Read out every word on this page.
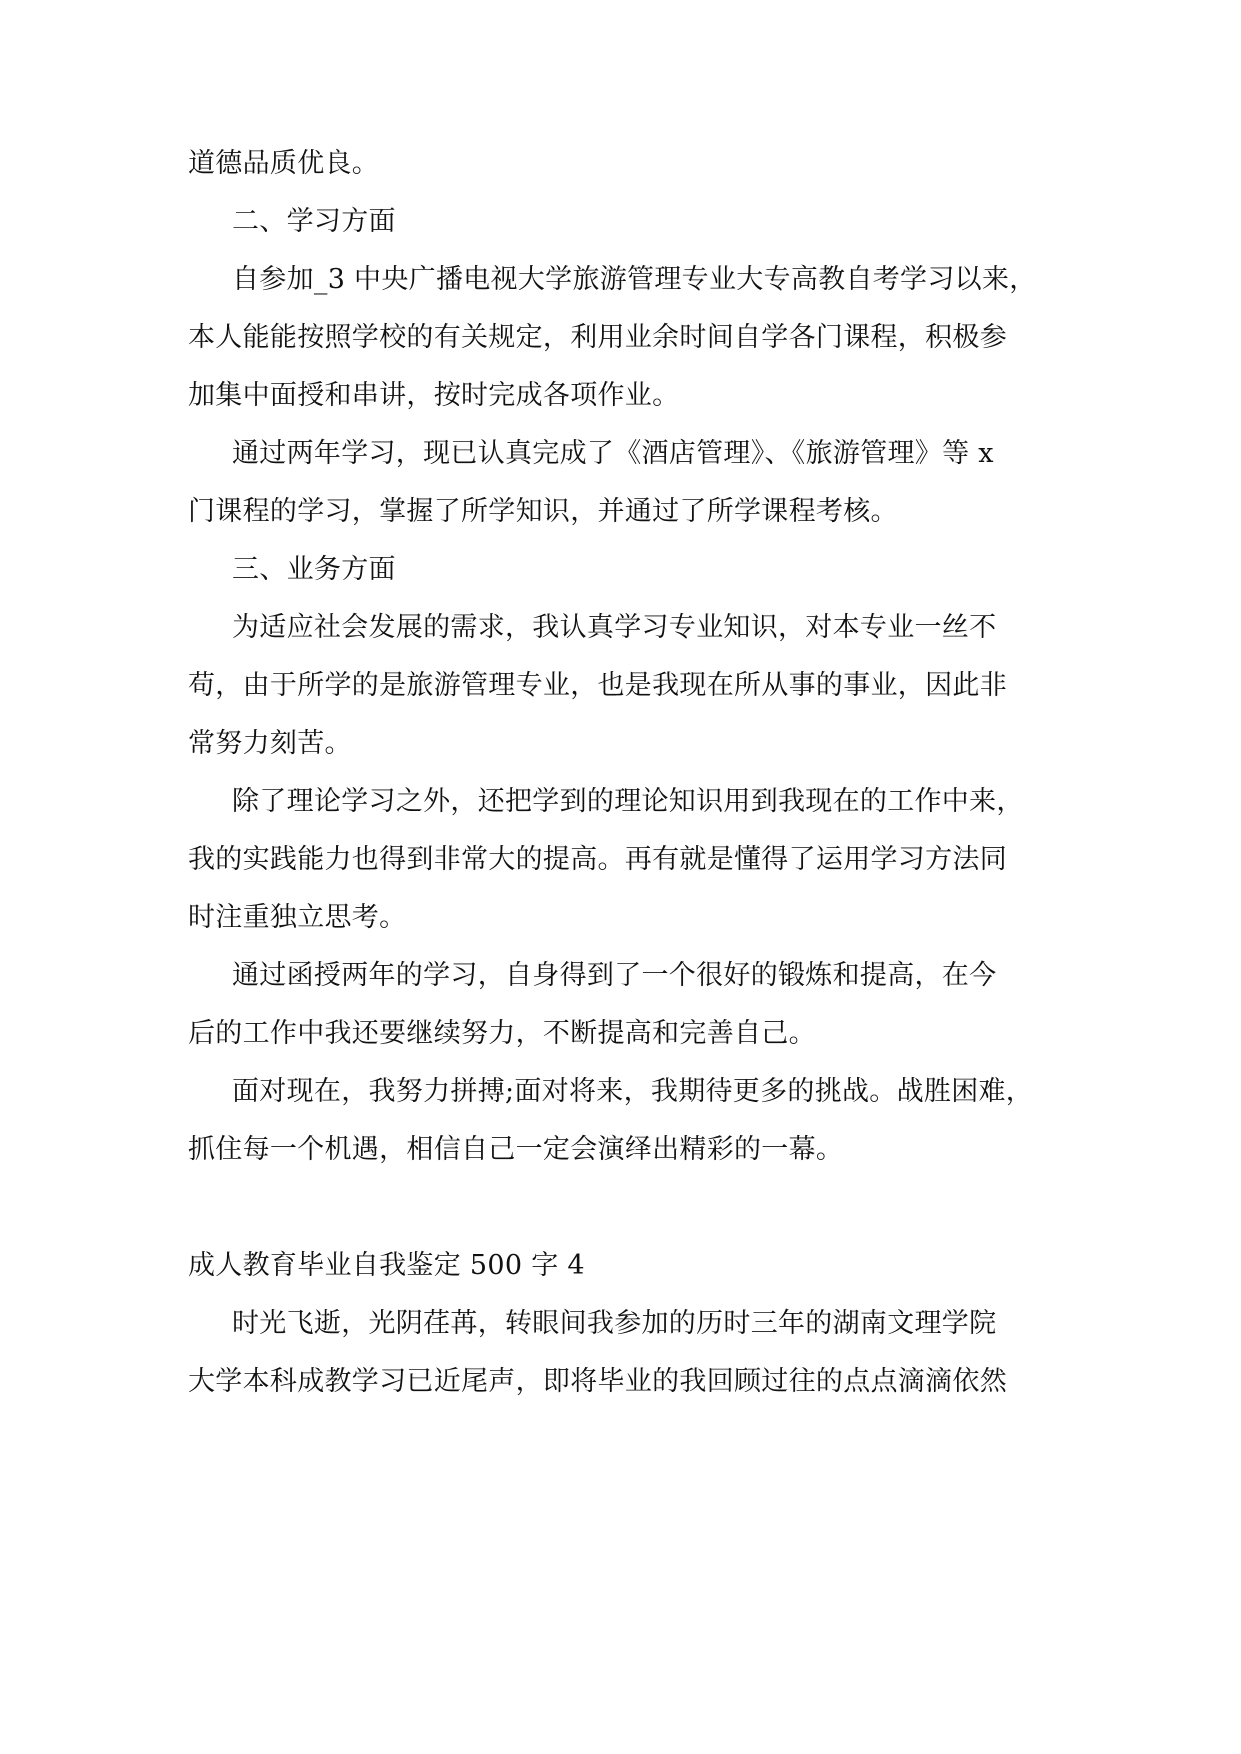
道德品质优良。
二、学习方面
自参加_3 中央广播电视大学旅游管理专业大专高教自考学习以来，
本人能能按照学校的有关规定，利用业余时间自学各门课程，积极参
加集中面授和串讲，按时完成各项作业。
通过两年学习，现已认真完成了《酒店管理》、《旅游管理》等 x
门课程的学习，掌握了所学知识，并通过了所学课程考核。
三、业务方面
为适应社会发展的需求，我认真学习专业知识，对本专业一丝不
苟，由于所学的是旅游管理专业，也是我现在所从事的事业，因此非
常努力刻苦。
除了理论学习之外，还把学到的理论知识用到我现在的工作中来，
我的实践能力也得到非常大的提高。再有就是懂得了运用学习方法同
时注重独立思考。
通过函授两年的学习，自身得到了一个很好的锻炼和提高，在今
后的工作中我还要继续努力，不断提高和完善自己。
面对现在，我努力拼搏;面对将来，我期待更多的挑战。战胜困难，
抓住每一个机遇，相信自己一定会演绎出精彩的一幕。
成人教育毕业自我鉴定 500 字 4
时光飞逝，光阴荏苒，转眼间我参加的历时三年的湖南文理学院
大学本科成教学习已近尾声，即将毕业的我回顾过往的点点滴滴依然
